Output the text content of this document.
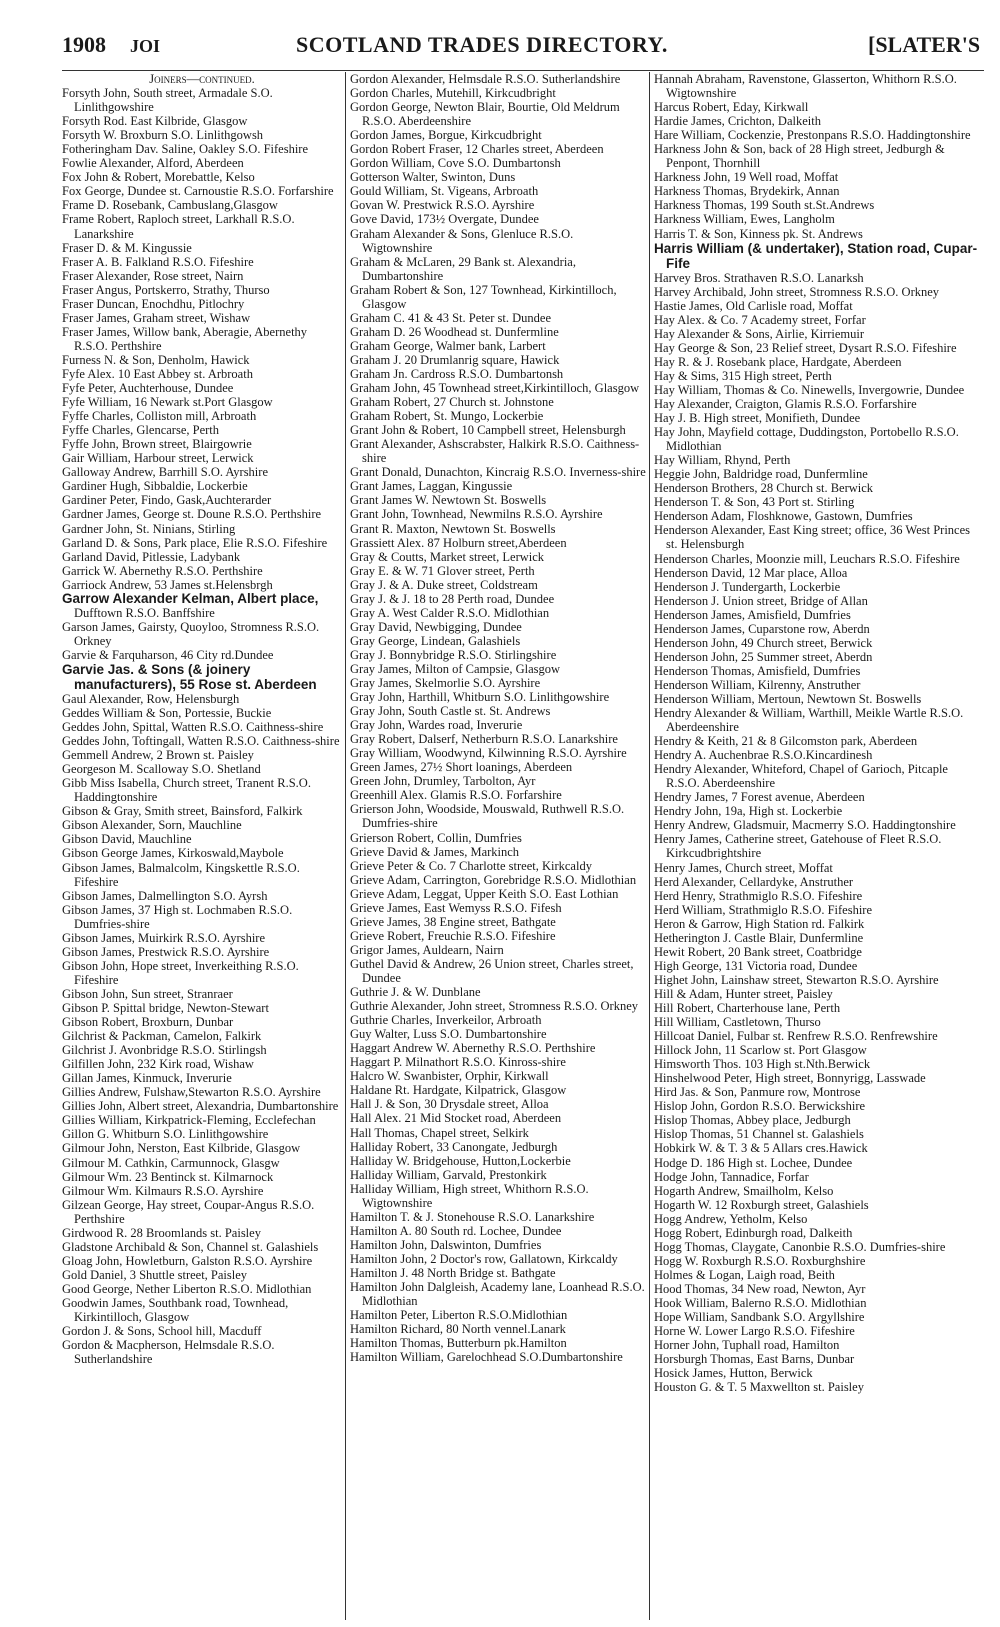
1908 JOI	SCOTLAND TRADES DIRECTORY.	[SLATER'S

Joiners—continued.

Forsyth John, South street, Armadale S.O. Linlithgowshire

Forsyth Rod. East Kilbride, Glasgow

Forsyth W. Broxburn S.O. Linlithgowsh

Fotheringham Dav. Saline, Oakley S.O. Fifeshire

Fowlie Alexander, Alford, Aberdeen

Fox John & Robert, Morebattle, Kelso

Fox George, Dundee st. Carnoustie R.S.O. Forfarshire

Frame D. Rosebank, Cambuslang,Glasgow

Frame Robert, Raploch street, Larkhall R.S.O. Lanarkshire

Fraser D. & M. Kingussie

Fraser A. B. Falkland R.S.O. Fifeshire

Fraser Alexander, Rose street, Nairn

Fraser Angus, Portskerro, Strathy, Thurso

Fraser Duncan, Enochdhu, Pitlochry

Fraser James, Graham street, Wishaw

Fraser James, Willow bank, Aberagie, Abernethy R.S.O. Perthshire

Furness N. & Son, Denholm, Hawick

Fyfe Alex. 10 East Abbey st. Arbroath

Fyfe Peter, Auchterhouse, Dundee

Fyfe William, 16 Newark st.Port Glasgow

Fyffe Charles, Colliston mill, Arbroath

Fyffe Charles, Glencarse, Perth

Fyffe John, Brown street, Blairgowrie

Gair William, Harbour street, Lerwick

Galloway Andrew, Barrhill S.O. Ayrshire

Gardiner Hugh, Sibbaldie, Lockerbie

Gardiner Peter, Findo, Gask,Auchterarder

Gardner James, George st. Doune R.S.O. Perthshire

Gardner John, St. Ninians, Stirling

Garland D. & Sons, Park place, Elie R.S.O. Fifeshire

Garland David, Pitlessie, Ladybank

Garrick W. Abernethy R.S.O. Perthshire

Garriock Andrew, 53 James st.Helensbrgh

Garrow Alexander Kelman, Albert place, Dufftown R.S.O. Banffshire

Garson James, Gairsty, Quoyloo, Stromness R.S.O. Orkney

Garvie & Farquharson, 46 City rd.Dundee

Garvie Jas. & Sons (& joinery manufacturers), 55 Rose st. Aberdeen

Gaul Alexander, Row, Helensburgh

Geddes William & Son, Portessie, Buckie

Geddes John, Spittal, Watten R.S.O. Caithness-shire

Geddes John, Toftingall, Watten R.S.O. Caithness-shire

Gemmell Andrew, 2 Brown st. Paisley

Georgeson M. Scalloway S.O. Shetland

Gibb Miss Isabella, Church street, Tranent R.S.O. Haddingtonshire

Gibson & Gray, Smith street, Bainsford, Falkirk

Gibson Alexander, Sorn, Mauchline

Gibson David, Mauchline

Gibson George James, Kirkoswald,Maybole

Gibson James, Balmalcolm, Kingskettle R.S.O. Fifeshire

Gibson James, Dalmellington S.O. Ayrsh

Gibson James, 37 High st. Lochmaben R.S.O. Dumfries-shire

Gibson James, Muirkirk R.S.O. Ayrshire

Gibson James, Prestwick R.S.O. Ayrshire

Gibson John, Hope street, Inverkeithing R.S.O. Fifeshire

Gibson John, Sun street, Stranraer

Gibson P. Spittal bridge, Newton-Stewart

Gibson Robert, Broxburn, Dunbar

Gilchrist & Packman, Camelon, Falkirk

Gilchrist J. Avonbridge R.S.O. Stirlingsh

Gilfillen John, 232 Kirk road, Wishaw

Gillan James, Kinmuck, Inverurie

Gillies Andrew, Fulshaw,Stewarton R.S.O. Ayrshire

Gillies John, Albert street, Alexandria, Dumbartonshire

Gillies William, Kirkpatrick-Fleming, Ecclefechan

Gillon G. Whitburn S.O. Linlithgowshire

Gilmour John, Nerston, East Kilbride, Glasgow

Gilmour M. Cathkin, Carmunnock, Glasgw

Gilmour Wm. 23 Bentinck st. Kilmarnock

Gilmour Wm. Kilmaurs R.S.O. Ayrshire

Gilzean George, Hay street, Coupar-Angus R.S.O. Perthshire

Girdwood R. 28 Broomlands st. Paisley

Gladstone Archibald & Son, Channel st. Galashiels

Gloag John, Howletburn, Galston R.S.O. Ayrshire

Gold Daniel, 3 Shuttle street, Paisley

Good George, Nether Liberton R.S.O. Midlothian

Goodwin James, Southbank road, Townhead, Kirkintilloch, Glasgow

Gordon J. & Sons, School hill, Macduff

Gordon & Macpherson, Helmsdale R.S.O. Sutherlandshire

Gordon Alexander, Helmsdale R.S.O. Sutherlandshire

Gordon Charles, Mutehill, Kirkcudbright

Gordon George, Newton Blair, Bourtie, Old Meldrum R.S.O. Aberdeenshire

Gordon James, Borgue, Kirkcudbright

Gordon Robert Fraser, 12 Charles street, Aberdeen

Gordon William, Cove S.O. Dumbartonsh

Gotterson Walter, Swinton, Duns

Gould William, St. Vigeans, Arbroath

Govan W. Prestwick R.S.O. Ayrshire

Gove David, 173½ Overgate, Dundee

Graham Alexander & Sons, Glenluce R.S.O. Wigtownshire

Graham & McLaren, 29 Bank st. Alexandria, Dumbartonshire

Graham Robert & Son, 127 Townhead, Kirkintilloch, Glasgow

Graham C. 41 & 43 St. Peter st. Dundee

Graham D. 26 Woodhead st. Dunfermline

Graham George, Walmer bank, Larbert

Graham J. 20 Drumlanrig square, Hawick

Graham Jn. Cardross R.S.O. Dumbartonsh

Graham John, 45 Townhead street,Kirkintilloch, Glasgow

Graham Robert, 27 Church st. Johnstone

Graham Robert, St. Mungo, Lockerbie

Grant John & Robert, 10 Campbell street, Helensburgh

Grant Alexander, Ashscrabster, Halkirk R.S.O. Caithness-shire

Grant Donald, Dunachton, Kincraig R.S.O. Inverness-shire

Grant James, Laggan, Kingussie

Grant James W. Newtown St. Boswells

Grant John, Townhead, Newmilns R.S.O. Ayrshire

Grant R. Maxton, Newtown St. Boswells

Grassiett Alex. 87 Holburn street,Aberdeen

Gray & Coutts, Market street, Lerwick

Gray E. & W. 71 Glover street, Perth

Gray J. & A. Duke street, Coldstream

Gray J. & J. 18 to 28 Perth road, Dundee

Gray A. West Calder R.S.O. Midlothian

Gray David, Newbigging, Dundee

Gray George, Lindean, Galashiels

Gray J. Bonnybridge R.S.O. Stirlingshire

Gray James, Milton of Campsie, Glasgow

Gray James, Skelmorlie S.O. Ayrshire

Gray John, Harthill, Whitburn S.O. Linlithgowshire

Gray John, South Castle st. St. Andrews

Gray John, Wardes road, Inverurie

Gray Robert, Dalserf, Netherburn R.S.O. Lanarkshire

Gray William, Woodwynd, Kilwinning R.S.O. Ayrshire

Green James, 27½ Short loanings, Aberdeen

Green John, Drumley, Tarbolton, Ayr

Greenhill Alex. Glamis R.S.O. Forfarshire

Grierson John, Woodside, Mouswald, Ruthwell R.S.O. Dumfries-shire

Grierson Robert, Collin, Dumfries

Grieve David & James, Markinch

Grieve Peter & Co. 7 Charlotte street, Kirkcaldy

Grieve Adam, Carrington, Gorebridge R.S.O. Midlothian

Grieve Adam, Leggat, Upper Keith S.O. East Lothian

Grieve James, East Wemyss R.S.O. Fifesh

Grieve James, 38 Engine street, Bathgate

Grieve Robert, Freuchie R.S.O. Fifeshire

Grigor James, Auldearn, Nairn

Guthel David & Andrew, 26 Union street, Charles street, Dundee

Guthrie J. & W. Dunblane

Guthrie Alexander, John street, Stromness R.S.O. Orkney

Guthrie Charles, Inverkeilor, Arbroath

Guy Walter, Luss S.O. Dumbartonshire

Haggart Andrew W. Abernethy R.S.O. Perthshire

Haggart P. Milnathort R.S.O. Kinross-shire

Halcro W. Swanbister, Orphir, Kirkwall

Haldane Rt. Hardgate, Kilpatrick, Glasgow

Hall J. & Son, 30 Drysdale street, Alloa

Hall Alex. 21 Mid Stocket road, Aberdeen

Hall Thomas, Chapel street, Selkirk

Halliday Robert, 33 Canongate, Jedburgh

Halliday W. Bridgehouse, Hutton,Lockerbie

Halliday William, Garvald, Prestonkirk

Halliday William, High street, Whithorn R.S.O. Wigtownshire

Hamilton T. & J. Stonehouse R.S.O. Lanarkshire

Hamilton A. 80 South rd. Lochee, Dundee

Hamilton John, Dalswinton, Dumfries

Hamilton John, 2 Doctor's row, Gallatown, Kirkcaldy

Hamilton J. 48 North Bridge st. Bathgate

Hamilton John Dalgleish, Academy lane, Loanhead R.S.O. Midlothian

Hamilton Peter, Liberton R.S.O.Midlothian

Hamilton Richard, 80 North vennel.Lanark

Hamilton Thomas, Butterburn pk.Hamilton

Hamilton William, Garelochhead S.O.Dumbartonshire

Hannah Abraham, Ravenstone, Glasserton, Whithorn R.S.O. Wigtownshire

Harcus Robert, Eday, Kirkwall

Hardie James, Crichton, Dalkeith

Hare William, Cockenzie, Prestonpans R.S.O. Haddingtonshire

Harkness John & Son, back of 28 High street, Jedburgh & Penpont, Thornhill

Harkness John, 19 Well road, Moffat

Harkness Thomas, Brydekirk, Annan

Harkness Thomas, 199 South st.St.Andrews

Harkness William, Ewes, Langholm

Harris T. & Son, Kinness pk. St. Andrews

Harris William (& undertaker), Station road, Cupar-Fife

Harvey Bros. Strathaven R.S.O. Lanarksh

Harvey Archibald, John street, Stromness R.S.O. Orkney

Hastie James, Old Carlisle road, Moffat

Hay Alex. & Co. 7 Academy street, Forfar

Hay Alexander & Sons, Airlie, Kirriemuir

Hay George & Son, 23 Relief street, Dysart R.S.O. Fifeshire

Hay R. & J. Rosebank place, Hardgate, Aberdeen

Hay & Sims, 315 High street, Perth

Hay William, Thomas & Co. Ninewells, Invergowrie, Dundee

Hay Alexander, Craigton, Glamis R.S.O. Forfarshire

Hay J. B. High street, Monifieth, Dundee

Hay John, Mayfield cottage, Duddingston, Portobello R.S.O. Midlothian

Hay William, Rhynd, Perth

Heggie John, Baldridge road, Dunfermline

Henderson Brothers, 28 Church st. Berwick

Henderson T. & Son, 43 Port st. Stirling

Henderson Adam, Floshknowe, Gastown, Dumfries

Henderson Alexander, East King street; office, 36 West Princes st. Helensburgh

Henderson Charles, Moonzie mill, Leuchars R.S.O. Fifeshire

Henderson David, 12 Mar place, Alloa

Henderson J. Tundergarth, Lockerbie

Henderson J. Union street, Bridge of Allan

Henderson James, Amisfield, Dumfries

Henderson James, Cuparstone row, Aberdn

Henderson John, 49 Church street, Berwick

Henderson John, 25 Summer street, Aberdn

Henderson Thomas, Amisfield, Dumfries

Henderson William, Kilrenny, Anstruther

Henderson William, Mertoun, Newtown St. Boswells

Hendry Alexander & William, Warthill, Meikle Wartle R.S.O. Aberdeenshire

Hendry & Keith, 21 & 8 Gilcomston park, Aberdeen

Hendry A. Auchenbrae R.S.O.Kincardinesh

Hendry Alexander, Whiteford, Chapel of Garioch, Pitcaple R.S.O. Aberdeenshire

Hendry James, 7 Forest avenue, Aberdeen

Hendry John, 19a, High st. Lockerbie

Henry Andrew, Gladsmuir, Macmerry S.O. Haddingtonshire

Henry James, Catherine street, Gatehouse of Fleet R.S.O. Kirkcudbrightshire

Henry James, Church street, Moffat

Herd Alexander, Cellardyke, Anstruther

Herd Henry, Strathmiglo R.S.O. Fifeshire

Herd William, Strathmiglo R.S.O. Fifeshire

Heron & Garrow, High Station rd. Falkirk

Hetherington J. Castle Blair, Dunfermline

Hewit Robert, 20 Bank street, Coatbridge

High George, 131 Victoria road, Dundee

Highet John, Lainshaw street, Stewarton R.S.O. Ayrshire

Hill & Adam, Hunter street, Paisley

Hill Robert, Charterhouse lane, Perth

Hill William, Castletown, Thurso

Hillcoat Daniel, Fulbar st. Renfrew R.S.O. Renfrewshire

Hillock John, 11 Scarlow st. Port Glasgow

Himsworth Thos. 103 High st.Nth.Berwick

Hinshelwood Peter, High street, Bonnyrigg, Lasswade

Hird Jas. & Son, Panmure row, Montrose

Hislop John, Gordon R.S.O. Berwickshire

Hislop Thomas, Abbey place, Jedburgh

Hislop Thomas, 51 Channel st. Galashiels

Hobkirk W. & T. 3 & 5 Allars cres.Hawick

Hodge D. 186 High st. Lochee, Dundee

Hodge John, Tannadice, Forfar

Hogarth Andrew, Smailholm, Kelso

Hogarth W. 12 Roxburgh street, Galashiels

Hogg Andrew, Yetholm, Kelso

Hogg Robert, Edinburgh road, Dalkeith

Hogg Thomas, Claygate, Canonbie R.S.O. Dumfries-shire

Hogg W. Roxburgh R.S.O. Roxburghshire

Holmes & Logan, Laigh road, Beith

Hood Thomas, 34 New road, Newton, Ayr

Hook William, Balerno R.S.O. Midlothian

Hope William, Sandbank S.O. Argyllshire

Horne W. Lower Largo R.S.O. Fifeshire

Horner John, Tuphall road, Hamilton

Horsburgh Thomas, East Barns, Dunbar

Hosick James, Hutton, Berwick

Houston G. & T. 5 Maxwellton st. Paisley
